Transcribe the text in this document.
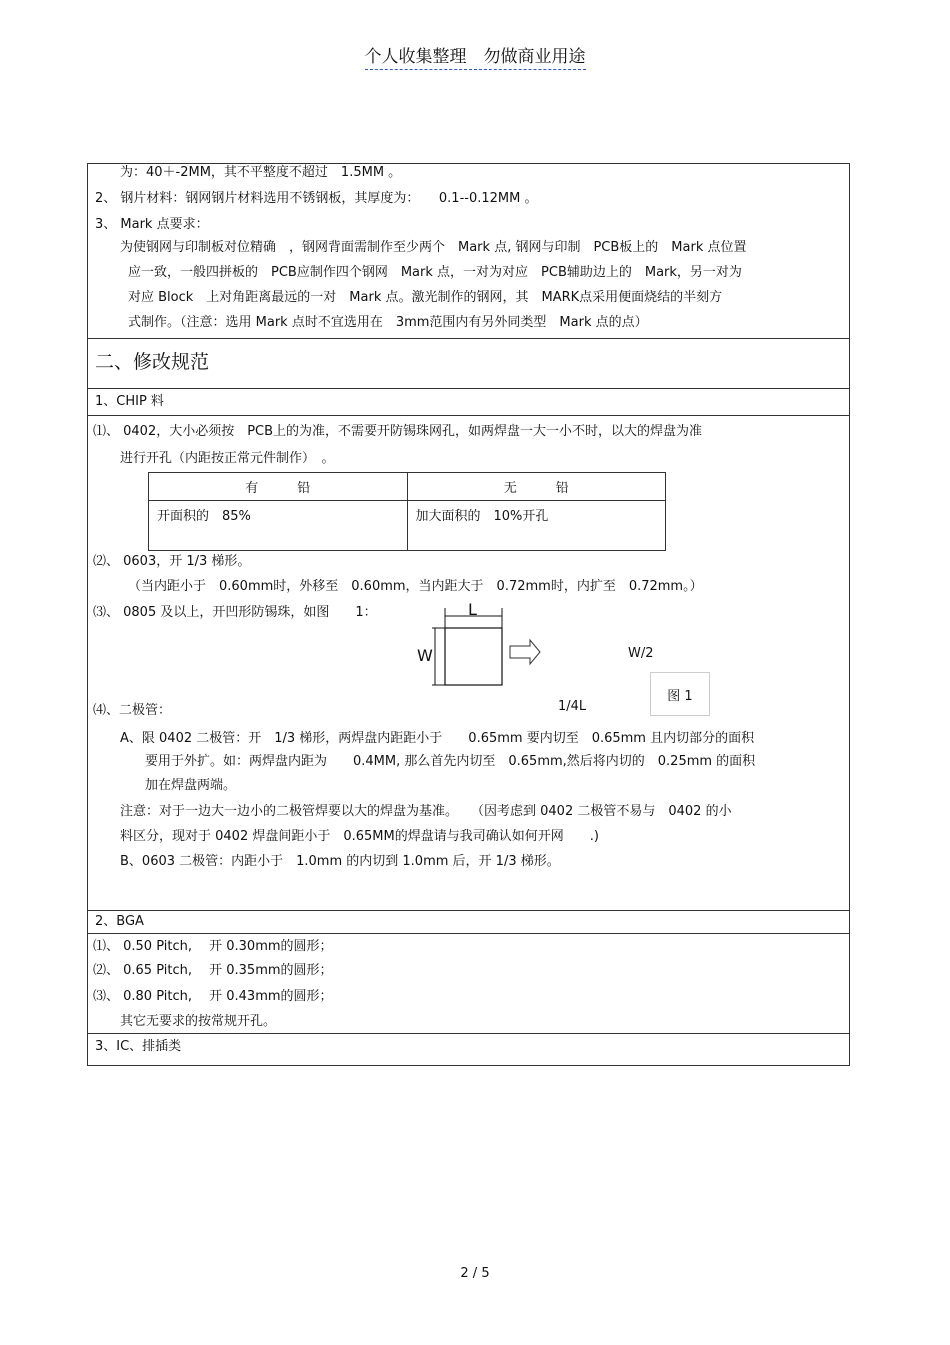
个人收集整理　勿做商业用途
为：40＋-2MM，其不平整度不超过　1.5MM 。
2、 钢片材料：钢网钢片材料选用不锈钢板，其厚度为：　　0.1--0.12MM 。
3、 Mark 点要求：
为使钢网与印制板对位精确　，钢网背面需制作至少两个　Mark 点, 钢网与印制　PCB板上的　Mark 点位置
应一致，一般四拼板的　PCB应制作四个钢网　Mark 点，一对为对应　PCB辅助边上的　Mark，另一对为
对应 Block　上对角距离最远的一对　Mark 点。激光制作的钢网，其　MARK点采用便面烧结的半刻方
式制作。（注意：选用 Mark 点时不宜选用在　3mm范围内有另外同类型　Mark 点的点）
二、修改规范
1、CHIP 料
⑴、 0402，大小必须按　PCB上的为准，不需要开防锡珠网孔，如两焊盘一大一小不时，以大的焊盘为准
进行开孔（内距按正常元件制作）　。
有　　　铅	无　　　铅
开面积的　85%	加大面积的　10%开孔
⑵、 0603，开 1/3 梯形。
（当内距小于　0.60mm时，外移至　0.60mm，当内距大于　0.72mm时，内扩至　0.72mm。）
⑶、 0805 及以上，开凹形防锡珠，如图　　1：	L
W	W/2
1/4L
图 1
⑷、二极管：
A、限 0402 二极管：开　1/3 梯形，两焊盘内距距小于　　0.65mm 要内切至　0.65mm 且内切部分的面积
要用于外扩。如：两焊盘内距为　　0.4MM, 那么首先内切至　0.65mm,然后将内切的　0.25mm 的面积
加在焊盘两端。
注意：对于一边大一边小的二极管焊要以大的焊盘为基准。　　（因考虑到 0402 二极管不易与　0402 的小
料区分，现对于 0402 焊盘间距小于　0.65MM的焊盘请与我司确认如何开网　　.)
B、0603 二极管：内距小于　1.0mm 的内切到 1.0mm 后，开 1/3 梯形。
2、BGA
⑴、 0.50 Pitch,　 开 0.30mm的圆形；
⑵、 0.65 Pitch,　 开 0.35mm的圆形；
⑶、 0.80 Pitch,　 开 0.43mm的圆形；
其它无要求的按常规开孔。
3、IC、排插类
2 / 5
